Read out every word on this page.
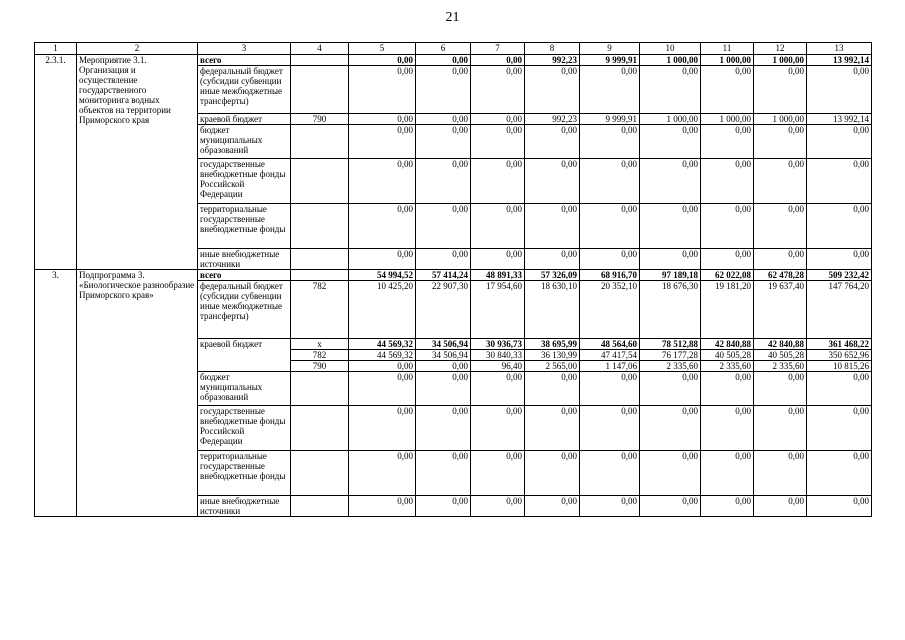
21
1	2	3	4	5	6	7	8	9	10	11	12	13
2.3.1.	Мероприятие 3.1. Организация и осуществление государственного мониторинга водных объектов на территории Приморского края	всего		0,00	0,00	0,00	992,23	9 999,91	1 000,00	1 000,00	1 000,00	13 992,14
		федеральный бюджет (субсидии субвенции иные межбюджетные трансферты)		0,00	0,00	0,00	0,00	0,00	0,00	0,00	0,00	0,00
		краевой бюджет	790	0,00	0,00	0,00	992,23	9 999,91	1 000,00	1 000,00	1 000,00	13 992,14
		бюджет муниципальных образований		0,00	0,00	0,00	0,00	0,00	0,00	0,00	0,00	0,00
		государственные внебюджетные фонды Российской Федерации		0,00	0,00	0,00	0,00	0,00	0,00	0,00	0,00	0,00
		территориальные государственные внебюджетные фонды		0,00	0,00	0,00	0,00	0,00	0,00	0,00	0,00	0,00
		иные внебюджетные источники		0,00	0,00	0,00	0,00	0,00	0,00	0,00	0,00	0,00
3.	Подпрограмма 3. «Биологическое разнообразие Приморского края»	всего		54 994,52	57 414,24	48 891,33	57 326,09	68 916,70	97 189,18	62 022,08	62 478,28	509 232,42
		федеральный бюджет (субсидии субвенции иные межбюджетные трансферты)	782	10 425,20	22 907,30	17 954,60	18 630,10	20 352,10	18 676,30	19 181,20	19 637,40	147 764,20
		краевой бюджет	х	44 569,32	34 506,94	30 936,73	38 695,99	48 564,60	78 512,88	42 840,88	42 840,88	361 468,22
			782	44 569,32	34 506,94	30 840,33	36 130,99	47 417,54	76 177,28	40 505,28	40 505,28	350 652,96
			790	0,00	0,00	96,40	2 565,00	1 147,06	2 335,60	2 335,60	2 335,60	10 815,26
		бюджет муниципальных образований		0,00	0,00	0,00	0,00	0,00	0,00	0,00	0,00	0,00
		государственные внебюджетные фонды Российской Федерации		0,00	0,00	0,00	0,00	0,00	0,00	0,00	0,00	0,00
		территориальные государственные внебюджетные фонды		0,00	0,00	0,00	0,00	0,00	0,00	0,00	0,00	0,00
		иные внебюджетные источники		0,00	0,00	0,00	0,00	0,00	0,00	0,00	0,00	0,00
